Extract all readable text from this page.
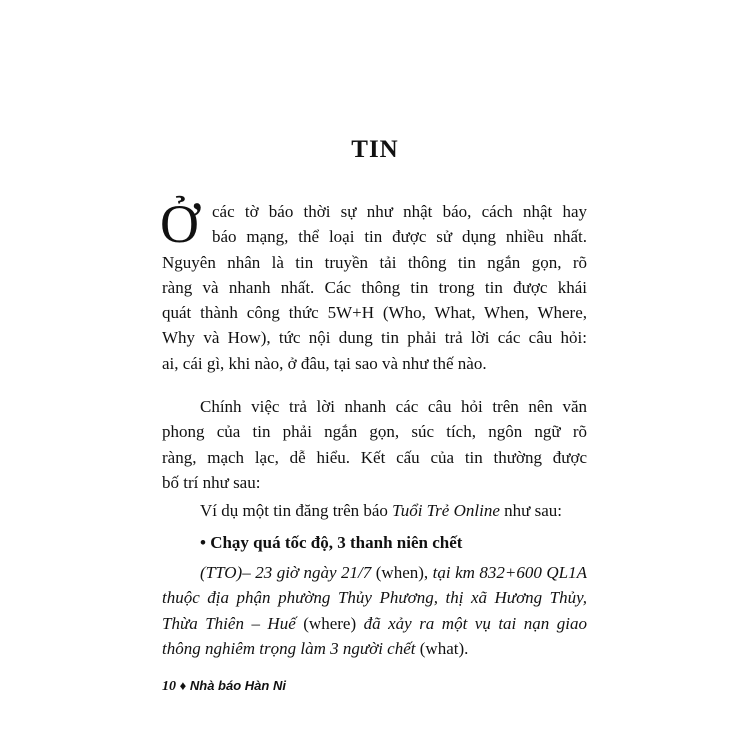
TIN
Ở các tờ báo thời sự như nhật báo, cách nhật hay
báo mạng, thể loại tin được sử dụng nhiều nhất.
Nguyên nhân là tin truyền tải thông tin ngắn gọn, rõ
ràng và nhanh nhất. Các thông tin trong tin được khái
quát thành công thức 5W+H (Who, What, When, Where,
Why và How), tức nội dung tin phải trả lời các câu hỏi:
ai, cái gì, khi nào, ở đâu, tại sao và như thế nào.
Chính việc trả lời nhanh các câu hỏi trên nên văn
phong của tin phải ngắn gọn, súc tích, ngôn ngữ rõ
ràng, mạch lạc, dễ hiểu. Kết cấu của tin thường được
bố trí như sau:
Ví dụ một tin đăng trên báo Tuổi Trẻ Online như sau:
• Chạy quá tốc độ, 3 thanh niên chết
(TTO)– 23 giờ ngày 21/7 (when), tại km 832+600 QL1A
thuộc địa phận phường Thủy Phương, thị xã Hương Thủy,
Thừa Thiên – Huế (where) đã xảy ra một vụ tai nạn giao
thông nghiêm trọng làm 3 người chết (what).
10 ♦ Nhà báo Hàn Ni
